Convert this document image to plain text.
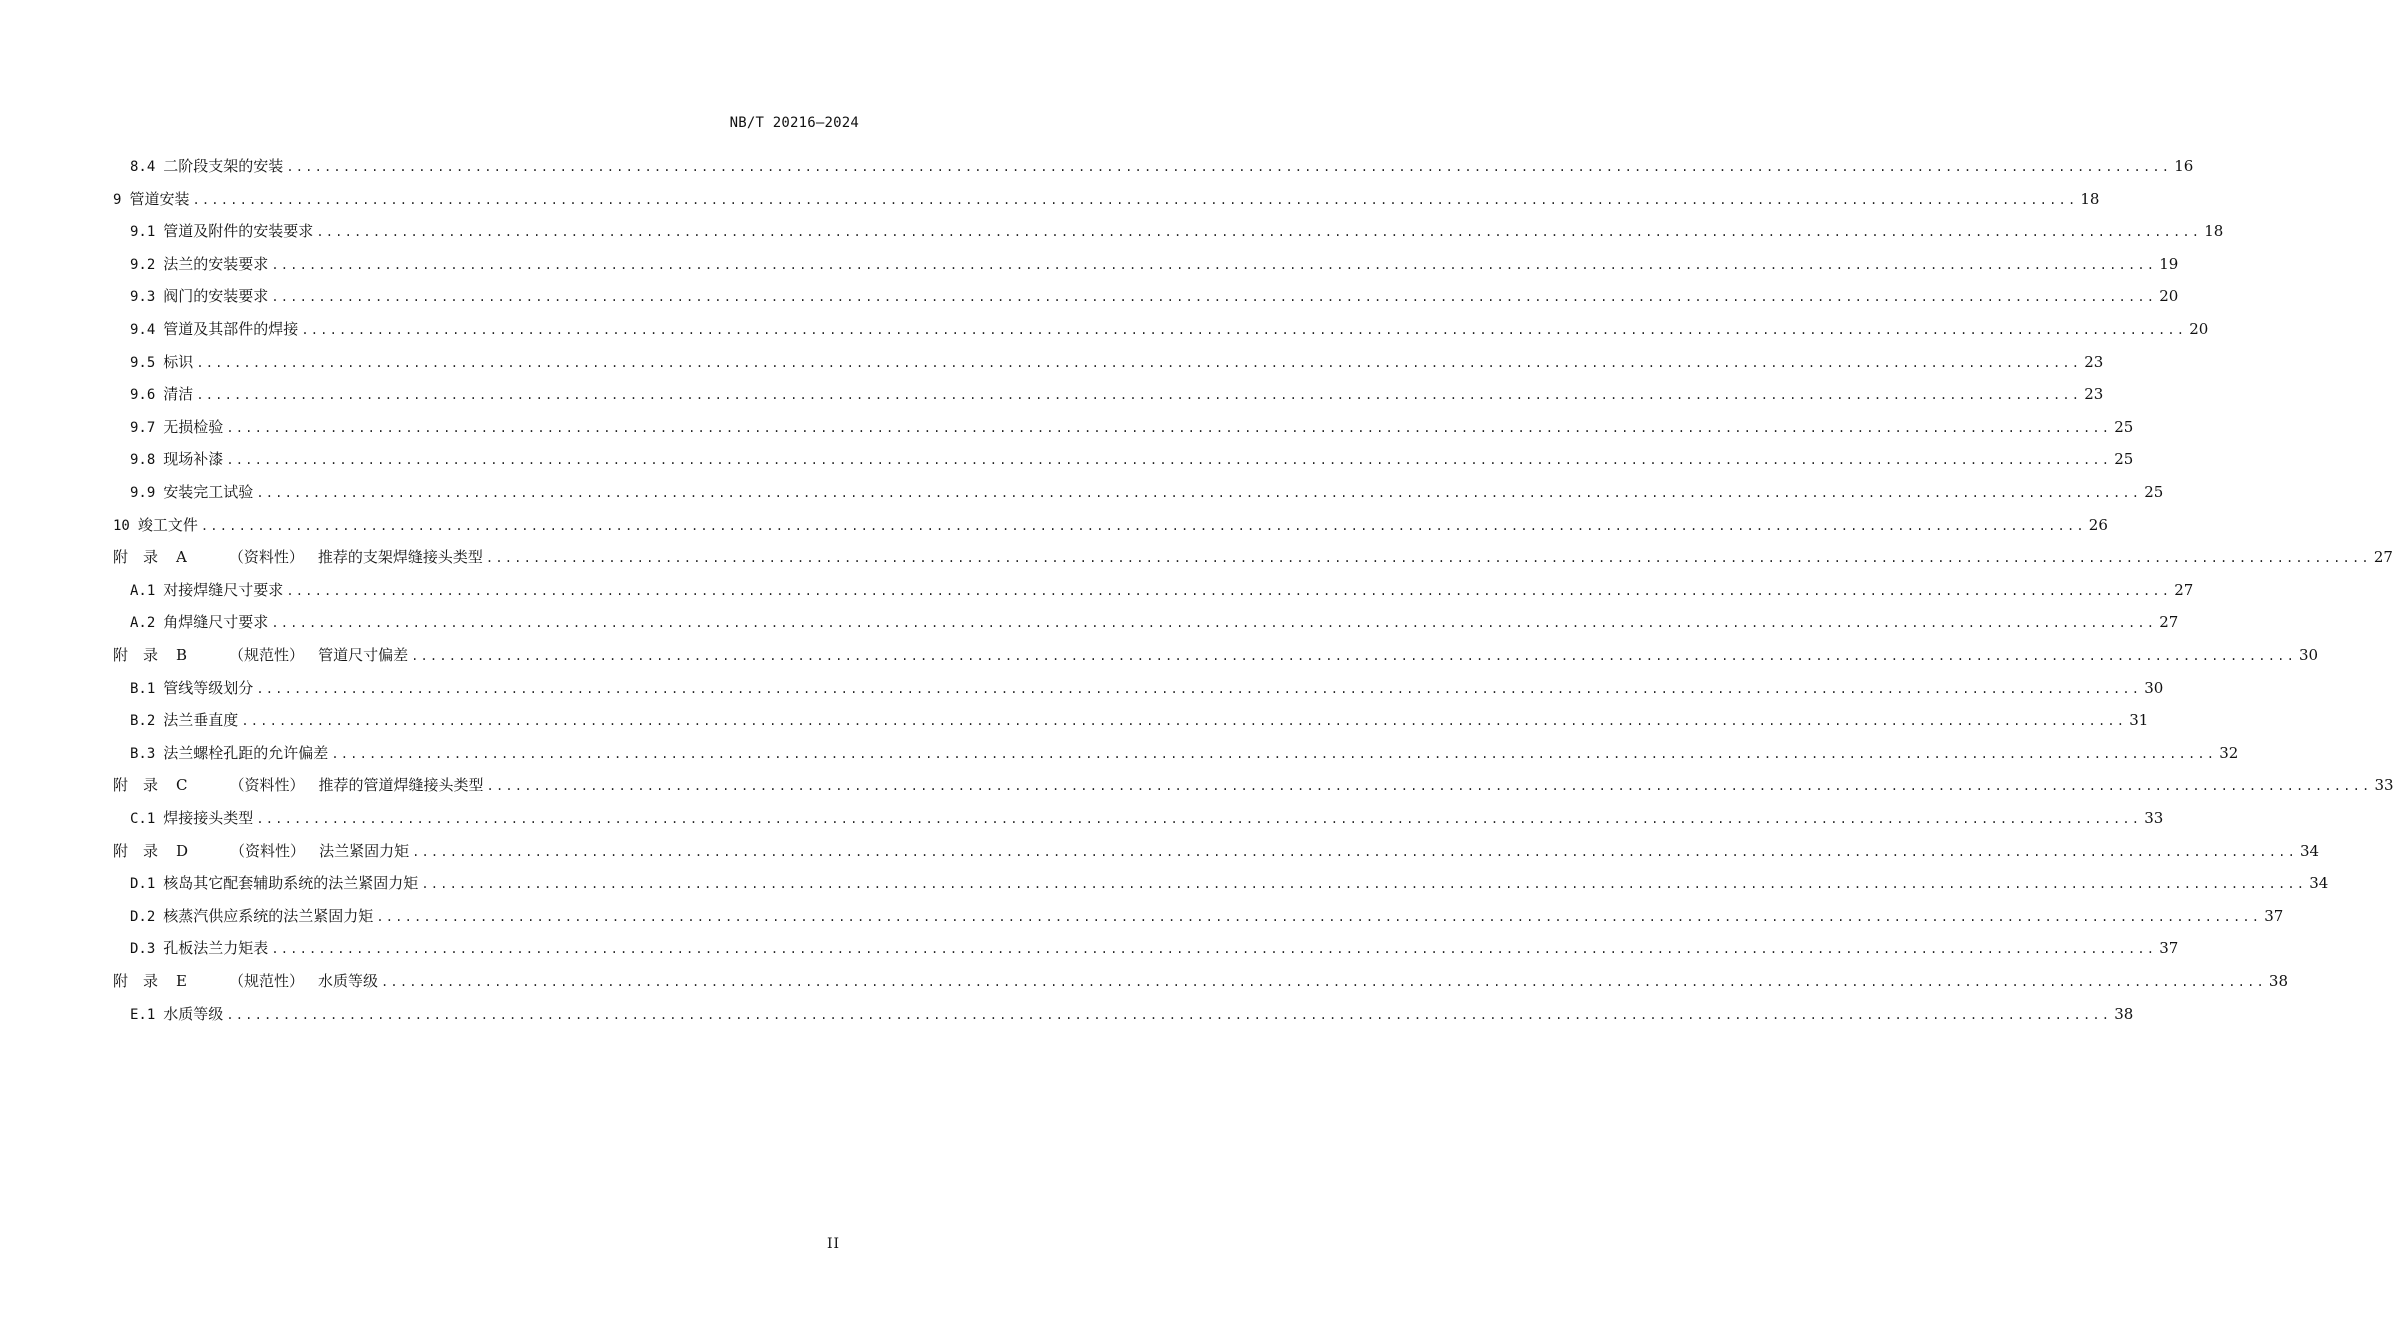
NB/T 20216—2024
8.4 二阶段支架的安装 ........................................................................................................................................................................................................ 16
9 管道安装 ........................................................................................................................................................................................................ 18
9.1 管道及附件的安装要求 ........................................................................................................................................................................................................ 18
9.2 法兰的安装要求 ........................................................................................................................................................................................................ 19
9.3 阀门的安装要求 ........................................................................................................................................................................................................ 20
9.4 管道及其部件的焊接 ........................................................................................................................................................................................................ 20
9.5 标识 ........................................................................................................................................................................................................ 23
9.6 清洁 ........................................................................................................................................................................................................ 23
9.7 无损检验 ........................................................................................................................................................................................................ 25
9.8 现场补漆 ........................................................................................................................................................................................................ 25
9.9 安装完工试验 ........................................................................................................................................................................................................ 25
10 竣工文件 ........................................................................................................................................................................................................ 26
附　录 A	（资料性） 推荐的支架焊缝接头类型 ........................................................................................................................................................................................................ 27
A.1 对接焊缝尺寸要求 ........................................................................................................................................................................................................ 27
A.2 角焊缝尺寸要求 ........................................................................................................................................................................................................ 27
附　录 B	（规范性） 管道尺寸偏差 ........................................................................................................................................................................................................ 30
B.1 管线等级划分 ........................................................................................................................................................................................................ 30
B.2 法兰垂直度 ........................................................................................................................................................................................................ 31
B.3 法兰螺栓孔距的允许偏差 ........................................................................................................................................................................................................ 32
附　录 C	（资料性） 推荐的管道焊缝接头类型 ........................................................................................................................................................................................................ 33
C.1 焊接接头类型 ........................................................................................................................................................................................................ 33
附　录 D	（资料性） 法兰紧固力矩 ........................................................................................................................................................................................................ 34
D.1 核岛其它配套辅助系统的法兰紧固力矩 ........................................................................................................................................................................................................ 34
D.2 核蒸汽供应系统的法兰紧固力矩 ........................................................................................................................................................................................................ 37
D.3 孔板法兰力矩表 ........................................................................................................................................................................................................ 37
附　录 E	（规范性） 水质等级 ........................................................................................................................................................................................................ 38
E.1 水质等级 ........................................................................................................................................................................................................ 38
II
